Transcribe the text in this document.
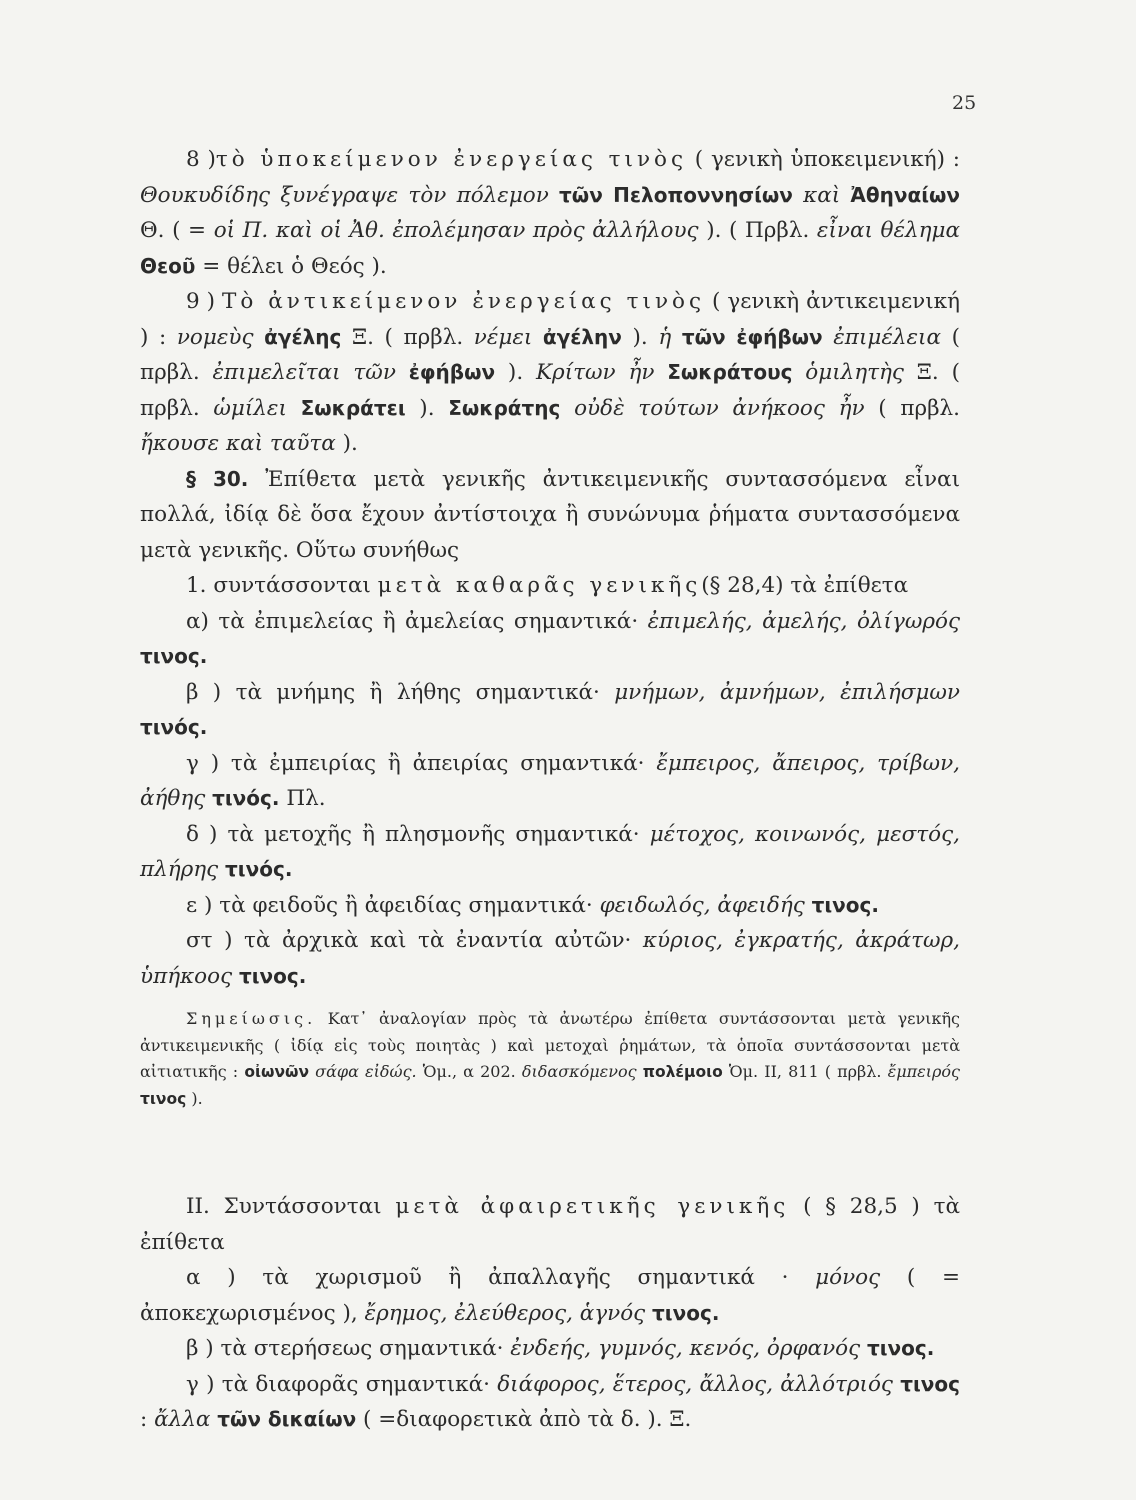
25

8 )τὸ ὑποκείμενον ἐνεργείας τινὸς ( γενικὴ ὑποκειμενική) : Θουκυδίδης ξυνέγραψε τὸν πόλεμον τῶν Πελοποννησίων καὶ Ἀθηναίων Θ. ( = οἱ Π. καὶ οἱ Ἀθ. ἐπολέμησαν πρὸς ἀλλήλους ). ( Πρβλ. εἶναι θέλημα Θεοῦ = θέλει ὁ Θεός ).

9 ) Τὸ ἀντικείμενον ἐνεργείας τινὸς ( γενικὴ ἀντικειμενική ) : νομεὺς ἀγέλης Ξ. ( πρβλ. νέμει ἀγέλην ). ἡ τῶν ἐφήβων ἐπιμέλεια ( πρβλ. ἐπιμελεῖται τῶν ἐφήβων ). Κρίτων ἦν Σωκράτους ὁμιλητὴς Ξ. ( πρβλ. ὡμίλει Σωκράτει ). Σωκράτης οὐδὲ τούτων ἀνήκοος ἦν ( πρβλ. ἤκουσε καὶ ταῦτα ).

§ 30. Ἐπίθετα μετὰ γενικῆς ἀντικειμενικῆς συντασσόμενα εἶναι πολλά, ἰδίᾳ δὲ ὅσα ἔχουν ἀντίστοιχα ἢ συνώνυμα ῥήματα συντασσόμενα μετὰ γενικῆς. Οὕτω συνήθως

1. συντάσσονται μετὰ καθαρᾶς γενικῆς(§ 28,4) τὰ ἐπίθετα

α) τὰ ἐπιμελείας ἢ ἀμελείας σημαντικά· ἐπιμελής, ἀμελής, ὀλίγωρός τινος.

β ) τὰ μνήμης ἢ λήθης σημαντικά· μνήμων, ἀμνήμων, ἐπιλήσμων τινός.

γ ) τὰ ἐμπειρίας ἢ ἀπειρίας σημαντικά· ἔμπειρος, ἄπειρος, τρίβων, ἀήθης τινός. Πλ.

δ ) τὰ μετοχῆς ἢ πλησμονῆς σημαντικά· μέτοχος, κοινωνός, μεστός, πλήρης τινός.

ε ) τὰ φειδοῦς ἢ ἀφειδίας σημαντικά· φειδωλός, ἀφειδής τινος.

στ ) τὰ ἀρχικὰ καὶ τὰ ἐναντία αὐτῶν· κύριος, ἐγκρατής, ἀκράτωρ, ὑπήκοος τινος.

Σημείωσις. Κατ᾽ ἀναλογίαν πρὸς τὰ ἀνωτέρω ἐπίθετα συντάσσονται μετὰ γενικῆς ἀντικειμενικῆς ( ἰδίᾳ εἰς τοὺς ποιητὰς ) καὶ μετοχαὶ ῥημάτων, τὰ ὁποῖα συντάσσονται μετὰ αἰτιατικῆς : οἰωνῶν σάφα εἰδώς. Ὁμ., α 202. διδασκόμενος πολέμοιο Ὁμ. II, 811 ( πρβλ. ἔμπειρός τινος ).

II. Συντάσσονται μετὰ ἀφαιρετικῆς γενικῆς ( § 28,5 ) τὰ ἐπίθετα

α ) τὰ χωρισμοῦ ἢ ἀπαλλαγῆς σημαντικά · μόνος ( = ἀποκεχωρισμένος ), ἔρημος, ἐλεύθερος, ἁγνός τινος.

β ) τὰ στερήσεως σημαντικά· ἐνδεής, γυμνός, κενός, ὀρφανός τινος.

γ ) τὰ διαφορᾶς σημαντικά· διάφορος, ἕτερος, ἄλλος, ἀλλότριός τινος : ἄλλα τῶν δικαίων ( =διαφορετικὰ ἀπὸ τὰ δ. ). Ξ.
